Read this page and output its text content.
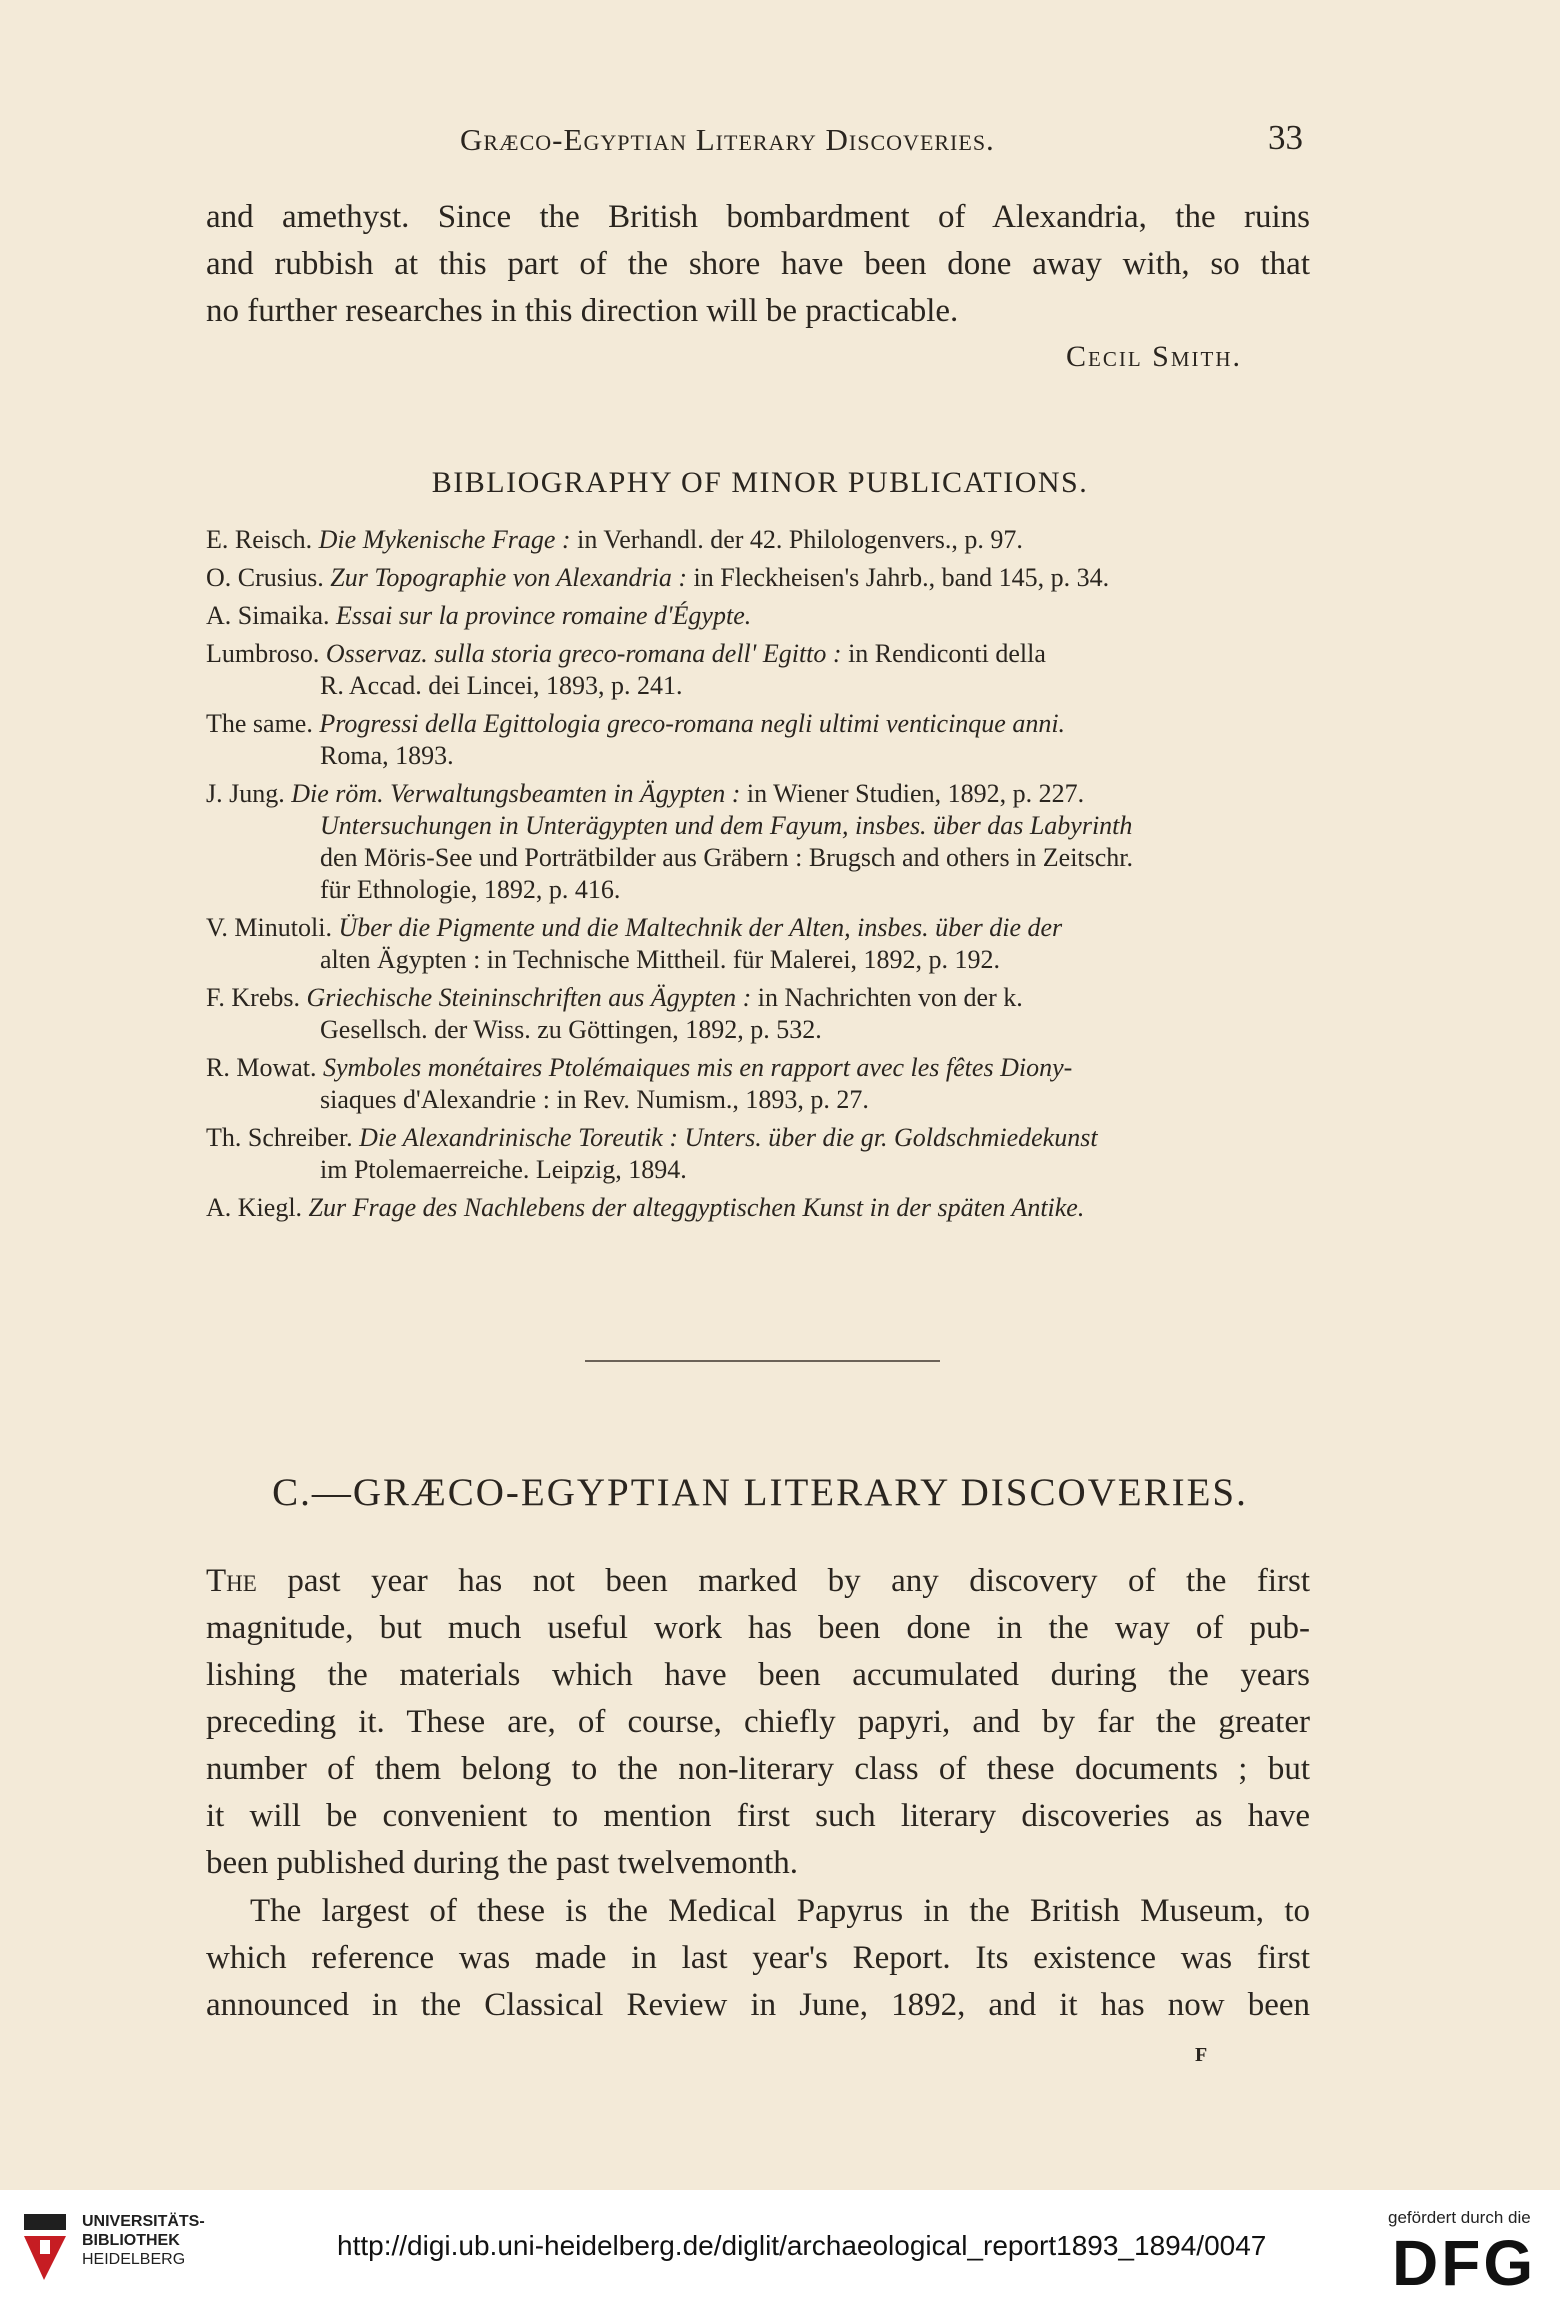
Græco-Egyptian Literary Discoveries.	33
and amethyst. Since the British bombardment of Alexandria, the ruins
and rubbish at this part of the shore have been done away with, so that
no further researches in this direction will be practicable.
Cecil Smith.
BIBLIOGRAPHY OF MINOR PUBLICATIONS.
E. Reisch. Die Mykenische Frage : in Verhandl. der 42. Philologenvers., p. 97.
O. Crusius. Zur Topographie von Alexandria : in Fleckheisen's Jahrb., band 145, p. 34.
A. Simaika. Essai sur la province romaine d'Égypte.
Lumbroso. Osservaz. sulla storia greco-romana dell' Egitto : in Rendiconti della
R. Accad. dei Lincei, 1893, p. 241.
The same. Progressi della Egittologia greco-romana negli ultimi venticinque anni.
Roma, 1893.
J. Jung. Die röm. Verwaltungsbeamten in Ägypten : in Wiener Studien, 1892, p. 227.
Untersuchungen in Unterägypten und dem Fayum, insbes. über das Labyrinth
den Möris-See und Porträtbilder aus Gräbern : Brugsch and others in Zeitschr.
für Ethnologie, 1892, p. 416.
V. Minutoli. Über die Pigmente und die Maltechnik der Alten, insbes. über die der
alten Ägypten : in Technische Mittheil. für Malerei, 1892, p. 192.
F. Krebs. Griechische Steininschriften aus Ägypten : in Nachrichten von der k.
Gesellsch. der Wiss. zu Göttingen, 1892, p. 532.
R. Mowat. Symboles monétaires Ptolémaiques mis en rapport avec les fêtes Diony-
siaques d'Alexandrie : in Rev. Numism., 1893, p. 27.
Th. Schreiber. Die Alexandrinische Toreutik : Unters. über die gr. Goldschmiedekunst
im Ptolemaerreiche. Leipzig, 1894.
A. Kiegl. Zur Frage des Nachlebens der alteggyptischen Kunst in der späten Antike.
C.—GRÆCO-EGYPTIAN LITERARY DISCOVERIES.
The past year has not been marked by any discovery of the first
magnitude, but much useful work has been done in the way of pub-
lishing the materials which have been accumulated during the years
preceding it. These are, of course, chiefly papyri, and by far the greater
number of them belong to the non-literary class of these documents ; but
it will be convenient to mention first such literary discoveries as have
been published during the past twelvemonth.
The largest of these is the Medical Papyrus in the British Museum, to
which reference was made in last year's Report. Its existence was first
announced in the Classical Review in June, 1892, and it has now been
F
UNIVERSITÄTS-
BIBLIOTHEK
HEIDELBERG	http://digi.ub.uni-heidelberg.de/diglit/archaeological_report1893_1894/0047
gefördert durch die
DFG
